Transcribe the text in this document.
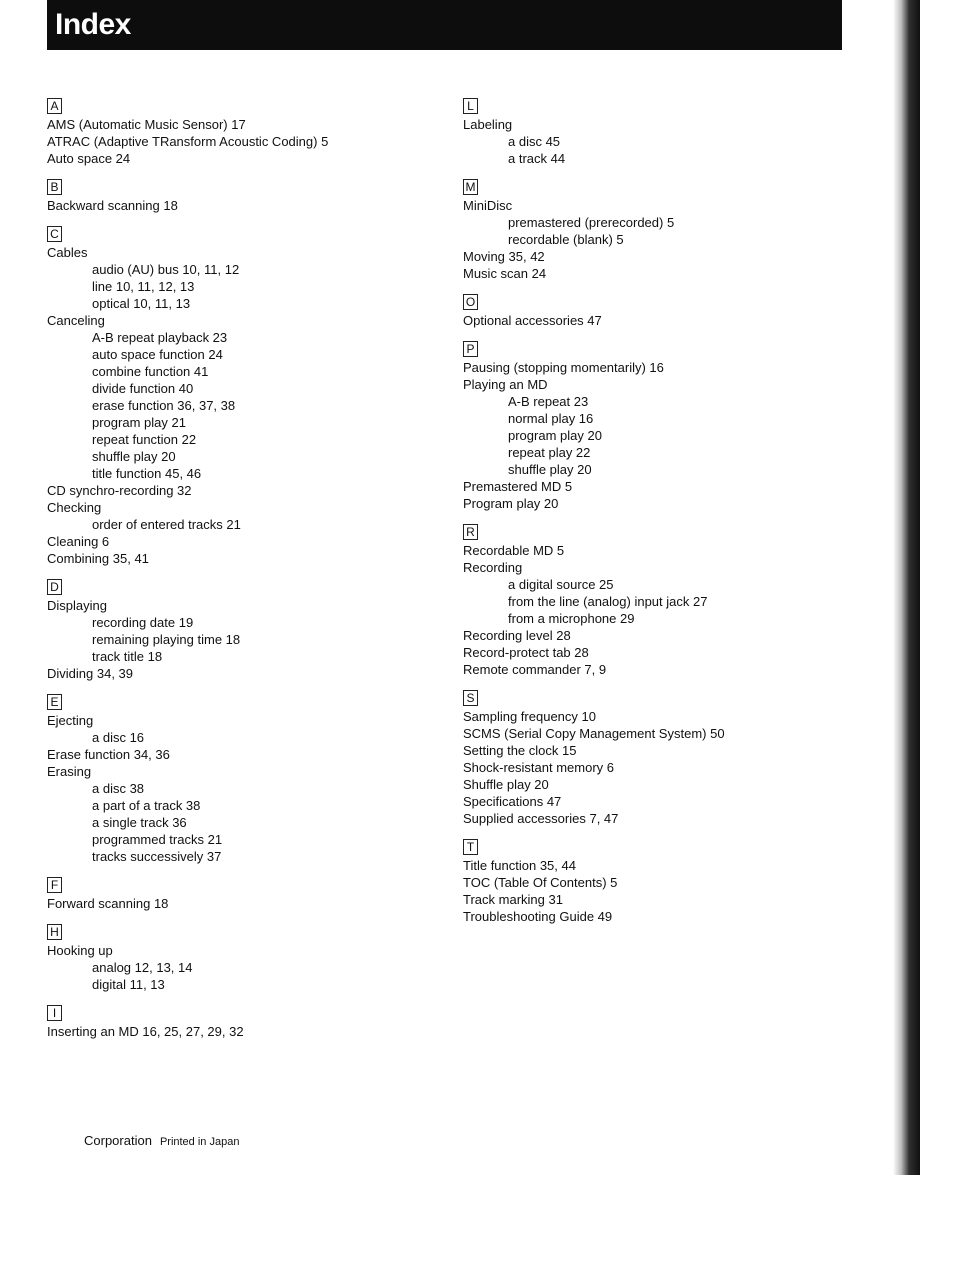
Index
A
AMS (Automatic Music Sensor) 17
ATRAC (Adaptive TRansform Acoustic Coding) 5
Auto space 24
B
Backward scanning 18
C
Cables
audio (AU) bus 10, 11, 12
line 10, 11, 12, 13
optical 10, 11, 13
Canceling
A-B repeat playback 23
auto space function 24
combine function 41
divide function 40
erase function 36, 37, 38
program play 21
repeat function 22
shuffle play 20
title function 45, 46
CD synchro-recording 32
Checking
order of entered tracks 21
Cleaning 6
Combining 35, 41
D
Displaying
recording date 19
remaining playing time 18
track title 18
Dividing 34, 39
E
Ejecting
a disc 16
Erase function 34, 36
Erasing
a disc 38
a part of a track 38
a single track 36
programmed tracks 21
tracks successively 37
F
Forward scanning 18
H
Hooking up
analog 12, 13, 14
digital 11, 13
I
Inserting an MD 16, 25, 27, 29, 32
L
Labeling
a disc 45
a track 44
M
MiniDisc
premastered (prerecorded) 5
recordable (blank) 5
Moving 35, 42
Music scan 24
O
Optional accessories 47
P
Pausing (stopping momentarily) 16
Playing an MD
A-B repeat 23
normal play 16
program play 20
repeat play 22
shuffle play 20
Premastered MD 5
Program play 20
R
Recordable MD 5
Recording
a digital source 25
from the line (analog) input jack 27
from a microphone 29
Recording level 28
Record-protect tab 28
Remote commander 7, 9
S
Sampling frequency 10
SCMS (Serial Copy Management System) 50
Setting the clock 15
Shock-resistant memory 6
Shuffle play 20
Specifications 47
Supplied accessories 7, 47
T
Title function 35, 44
TOC (Table Of Contents) 5
Track marking 31
Troubleshooting Guide 49
Corporation Printed in Japan
